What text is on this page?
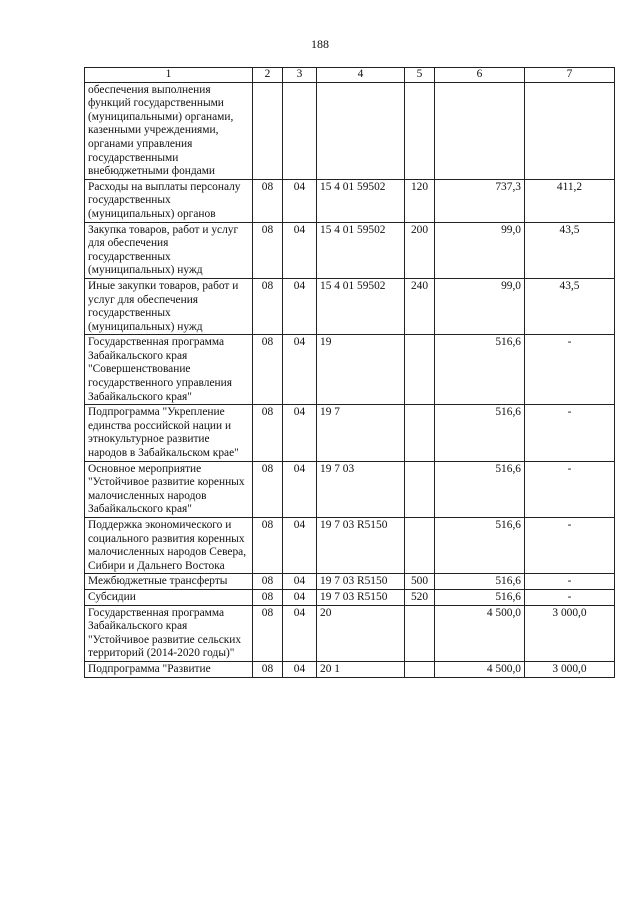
188
1	2	3	4	5	6	7
обеспечения выполнения функций государственными (муниципальными) органами, казенными учреждениями, органами управления государственными внебюджетными фондами						
Расходы на выплаты персоналу государственных (муниципальных) органов	08	04	15 4 01 59502	120	737,3	411,2
Закупка товаров, работ и услуг для обеспечения государственных (муниципальных) нужд	08	04	15 4 01 59502	200	99,0	43,5
Иные закупки товаров, работ и услуг для обеспечения государственных (муниципальных) нужд	08	04	15 4 01 59502	240	99,0	43,5
Государственная программа Забайкальского края "Совершенствование государственного управления Забайкальского края"	08	04	19		516,6	-
Подпрограмма "Укрепление единства российской нации и этнокультурное развитие народов в Забайкальском крае"	08	04	19 7		516,6	-
Основное мероприятие "Устойчивое развитие коренных малочисленных народов Забайкальского края"	08	04	19 7 03		516,6	-
Поддержка экономического и социального развития коренных малочисленных народов Севера, Сибири и Дальнего Востока	08	04	19 7 03 R5150		516,6	-
Межбюджетные трансферты	08	04	19 7 03 R5150	500	516,6	-
Субсидии	08	04	19 7 03 R5150	520	516,6	-
Государственная программа Забайкальского края "Устойчивое развитие сельских территорий (2014-2020 годы)"	08	04	20		4 500,0	3 000,0
Подпрограмма "Развитие	08	04	20 1		4 500,0	3 000,0
